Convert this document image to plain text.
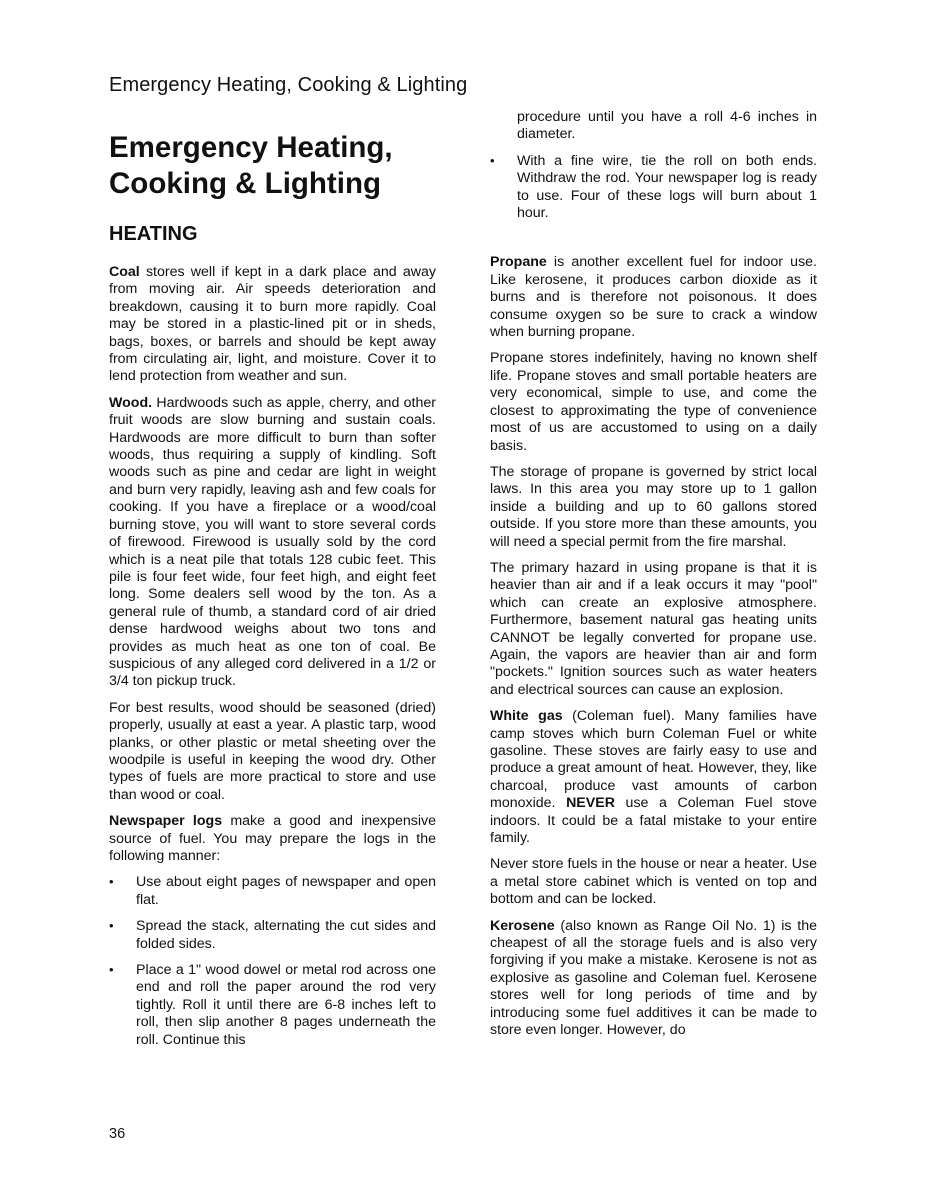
Emergency Heating, Cooking & Lighting
Emergency Heating,
Cooking & Lighting
HEATING

Coal stores well if kept in a dark place and away from moving air. Air speeds deterioration and breakdown, causing it to burn more rapidly. Coal may be stored in a plastic-lined pit or in sheds, bags, boxes, or barrels and should be kept away from circulating air, light, and moisture. Cover it to lend protection from weather and sun.

Wood. Hardwoods such as apple, cherry, and other fruit woods are slow burning and sustain coals. Hardwoods are more difficult to burn than softer woods, thus requiring a supply of kindling. Soft woods such as pine and cedar are light in weight and burn very rapidly, leaving ash and few coals for cooking. If you have a fireplace or a wood/coal burning stove, you will want to store several cords of firewood. Firewood is usually sold by the cord which is a neat pile that totals 128 cubic feet. This pile is four feet wide, four feet high, and eight feet long. Some dealers sell wood by the ton. As a general rule of thumb, a standard cord of air dried dense hardwood weighs about two tons and provides as much heat as one ton of coal. Be suspicious of any alleged cord delivered in a 1/2 or 3/4 ton pickup truck.

For best results, wood should be seasoned (dried) properly, usually at east a year. A plastic tarp, wood planks, or other plastic or metal sheeting over the woodpile is useful in keeping the wood dry. Other types of fuels are more practical to store and use than wood or coal.

Newspaper logs make a good and inexpensive source of fuel. You may prepare the logs in the following manner:

• Use about eight pages of newspaper and open flat.
• Spread the stack, alternating the cut sides and folded sides.
• Place a 1" wood dowel or metal rod across one end and roll the paper around the rod very tightly. Roll it until there are 6-8 inches left to roll, then slip another 8 pages underneath the roll. Continue this
procedure until you have a roll 4-6 inches in diameter.
• With a fine wire, tie the roll on both ends. Withdraw the rod. Your newspaper log is ready to use. Four of these logs will burn about 1 hour.

Propane is another excellent fuel for indoor use. Like kerosene, it produces carbon dioxide as it burns and is therefore not poisonous. It does consume oxygen so be sure to crack a window when burning propane.

Propane stores indefinitely, having no known shelf life. Propane stoves and small portable heaters are very economical, simple to use, and come the closest to approximating the type of convenience most of us are accustomed to using on a daily basis.

The storage of propane is governed by strict local laws. In this area you may store up to 1 gallon inside a building and up to 60 gallons stored outside. If you store more than these amounts, you will need a special permit from the fire marshal.

The primary hazard in using propane is that it is heavier than air and if a leak occurs it may "pool" which can create an explosive atmosphere. Furthermore, basement natural gas heating units CANNOT be legally converted for propane use. Again, the vapors are heavier than air and form "pockets." Ignition sources such as water heaters and electrical sources can cause an explosion.

White gas (Coleman fuel). Many families have camp stoves which burn Coleman Fuel or white gasoline. These stoves are fairly easy to use and produce a great amount of heat. However, they, like charcoal, produce vast amounts of carbon monoxide. NEVER use a Coleman Fuel stove indoors. It could be a fatal mistake to your entire family.

Never store fuels in the house or near a heater. Use a metal store cabinet which is vented on top and bottom and can be locked.

Kerosene (also known as Range Oil No. 1) is the cheapest of all the storage fuels and is also very forgiving if you make a mistake. Kerosene is not as explosive as gasoline and Coleman fuel. Kerosene stores well for long periods of time and by introducing some fuel additives it can be made to store even longer. However, do

36
